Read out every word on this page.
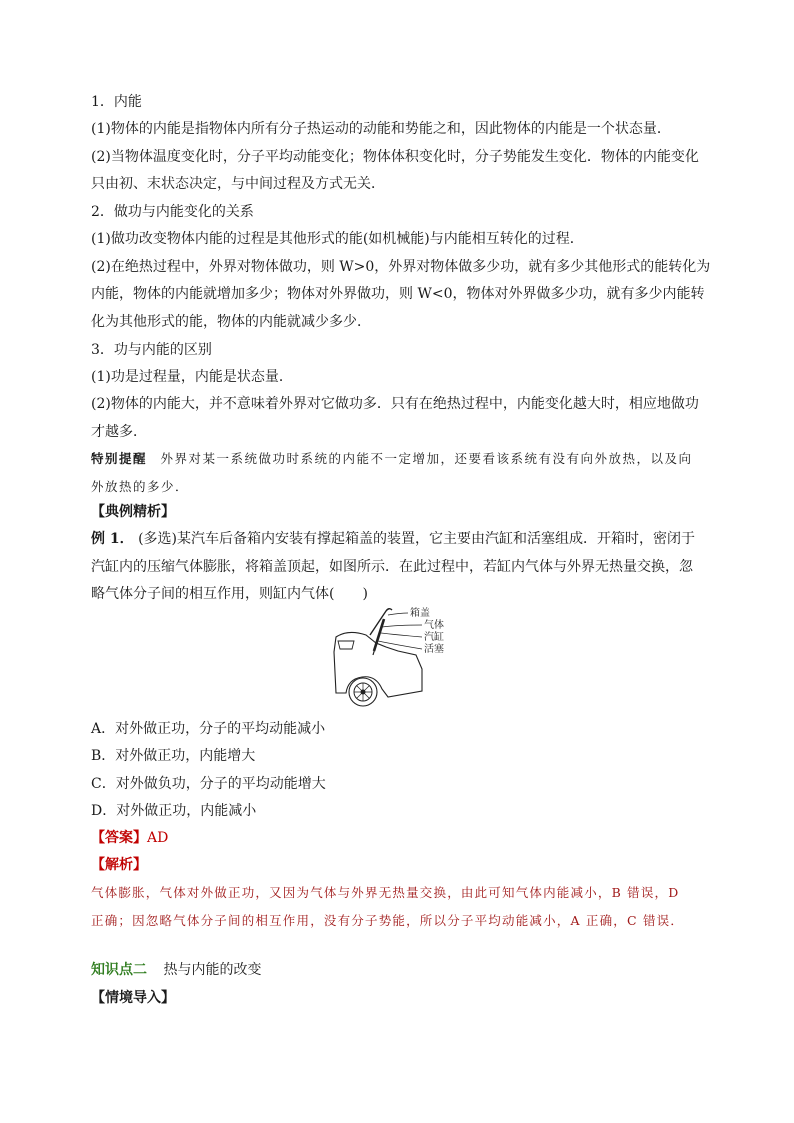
1．内能
(1)物体的内能是指物体内所有分子热运动的动能和势能之和，因此物体的内能是一个状态量．
(2)当物体温度变化时，分子平均动能变化；物体体积变化时，分子势能发生变化．物体的内能变化
只由初、末状态决定，与中间过程及方式无关．
2．做功与内能变化的关系
(1)做功改变物体内能的过程是其他形式的能(如机械能)与内能相互转化的过程．
(2)在绝热过程中，外界对物体做功，则 W>0，外界对物体做多少功，就有多少其他形式的能转化为
内能，物体的内能就增加多少；物体对外界做功，则 W<0，物体对外界做多少功，就有多少内能转
化为其他形式的能，物体的内能就减少多少．
3．功与内能的区别
(1)功是过程量，内能是状态量．
(2)物体的内能大，并不意味着外界对它做功多．只有在绝热过程中，内能变化越大时，相应地做功
才越多．
特别提醒 外界对某一系统做功时系统的内能不一定增加，还要看该系统有没有向外放热，以及向
外放热的多少．
【典例精析】
例 1． (多选)某汽车后备箱内安装有撑起箱盖的装置，它主要由汽缸和活塞组成．开箱时，密闭于
汽缸内的压缩气体膨胀，将箱盖顶起，如图所示．在此过程中，若缸内气体与外界无热量交换，忽
略气体分子间的相互作用，则缸内气体(　　)
箱盖
气体
汽缸
活塞
A．对外做正功，分子的平均动能减小
B．对外做正功，内能增大
C．对外做负功，分子的平均动能增大
D．对外做正功，内能减小
【答案】AD
【解析】
气体膨胀，气体对外做正功，又因为气体与外界无热量交换，由此可知气体内能减小，B 错误，D
正确；因忽略气体分子间的相互作用，没有分子势能，所以分子平均动能减小，A 正确，C 错误．
知识点二 热与内能的改变
【情境导入】
